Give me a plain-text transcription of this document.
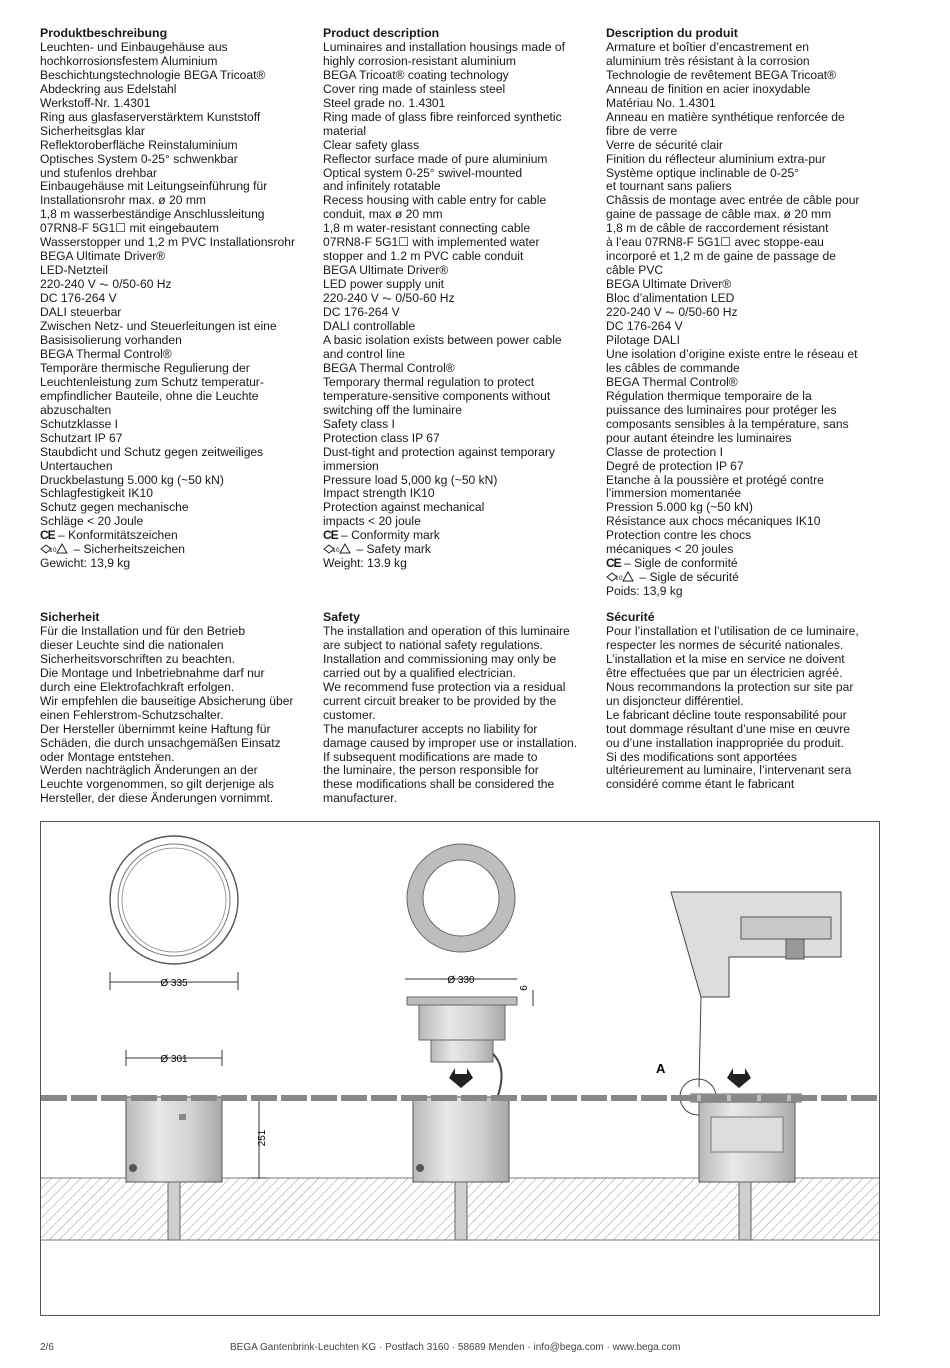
Produktbeschreibung
Leuchten- und Einbaugehäuse aus
hochkorrosionsfestem Aluminium
Beschichtungstechnologie BEGA Tricoat®
Abdeckring aus Edelstahl
Werkstoff-Nr. 1.4301
Ring aus glasfaserverstärktem Kunststoff
Sicherheitsglas klar
Reflektoroberfläche Reinstaluminium
Optisches System 0-25° schwenkbar
und stufenlos drehbar
Einbaugehäuse mit Leitungseinführung für
Installationsrohr max. ø 20 mm
1,8 m wasserbeständige Anschlussleitung
07RN8-F 5G1☐ mit eingebautem
Wasserstopper und 1,2 m PVC Installationsrohr
BEGA Ultimate Driver®
LED-Netzteil
220-240 V ⏦ 0/50-60 Hz
DC 176-264 V
DALI steuerbar
Zwischen Netz- und Steuerleitungen ist eine
Basisisolierung vorhanden
BEGA Thermal Control®
Temporäre thermische Regulierung der
Leuchtenleistung zum Schutz temperatur-
empfindlicher Bauteile, ohne die Leuchte
abzuschalten
Schutzklasse I
Schutzart IP 67
Staubdicht und Schutz gegen zeitweiliges
Untertauchen
Druckbelastung 5.000 kg (~50 kN)
Schlagfestigkeit IK10
Schutz gegen mechanische
Schläge < 20 Joule
CE – Konformitätszeichen
10 – Sicherheitszeichen
Gewicht: 13,9 kg
Product description
Luminaires and installation housings made of
highly corrosion-resistant aluminium
BEGA Tricoat® coating technology
Cover ring made of stainless steel
Steel grade no. 1.4301
Ring made of glass fibre reinforced synthetic
material
Clear safety glass
Reflector surface made of pure aluminium
Optical system 0-25° swivel-mounted
and infinitely rotatable
Recess housing with cable entry for cable
conduit, max ø 20 mm
1,8 m water-resistant connecting cable
07RN8-F 5G1☐ with implemented water
stopper and 1.2 m PVC cable conduit
BEGA Ultimate Driver®
LED power supply unit
220-240 V ⏦ 0/50-60 Hz
DC 176-264 V
DALI controllable
A basic isolation exists between power cable
and control line
BEGA Thermal Control®
Temporary thermal regulation to protect
temperature-sensitive components without
switching off the luminaire
Safety class I
Protection class IP 67
Dust-tight and protection against temporary
immersion
Pressure load 5,000 kg (~50 kN)
Impact strength IK10
Protection against mechanical
impacts < 20 joule
CE – Conformity mark
10 – Safety mark
Weight: 13.9 kg
Description du produit
Armature et boîtier d’encastrement en
aluminium très résistant à la corrosion
Technologie de revêtement BEGA Tricoat®
Anneau de finition en acier inoxydable
Matériau No. 1.4301
Anneau en matière synthétique renforcée de
fibre de verre
Verre de sécurité clair
Finition du réflecteur aluminium extra-pur
Système optique inclinable de 0-25°
et tournant sans paliers
Châssis de montage avec entrée de câble pour
gaine de passage de câble max. ø 20 mm
1,8 m de câble de raccordement résistant
à l’eau 07RN8-F 5G1☐ avec stoppe-eau
incorporé et 1,2 m de gaine de passage de
câble PVC
BEGA Ultimate Driver®
Bloc d’alimentation LED
220-240 V ⏦ 0/50-60 Hz
DC 176-264 V
Pilotage DALI
Une isolation d’origine existe entre le réseau et
les câbles de commande
BEGA Thermal Control®
Régulation thermique temporaire de la
puissance des luminaires pour protéger les
composants sensibles à la température, sans
pour autant éteindre les luminaires
Classe de protection I
Degré de protection IP 67
Etanche à la poussière et protégé contre
l’immersion momentanée
Pression 5.000 kg (~50 kN)
Résistance aux chocs mécaniques IK10
Protection contre les chocs
mécaniques < 20 joules
CE – Sigle de conformité
10 – Sigle de sécurité
Poids: 13,9 kg
Sicherheit
Für die Installation und für den Betrieb
dieser Leuchte sind die nationalen
Sicherheitsvorschriften zu beachten.
Die Montage und Inbetriebnahme darf nur
durch eine Elektrofachkraft erfolgen.
Wir empfehlen die bauseitige Absicherung über
einen Fehlerstrom-Schutzschalter.
Der Hersteller übernimmt keine Haftung für
Schäden, die durch unsachgemäßen Einsatz
oder Montage entstehen.
Werden nachträglich Änderungen an der
Leuchte vorgenommen, so gilt derjenige als
Hersteller, der diese Änderungen vornimmt.
Safety
The installation and operation of this luminaire
are subject to national safety regulations.
Installation and commissioning may only be
carried out by a qualified electrician.
We recommend fuse protection via a residual
current circuit breaker to be provided by the
customer.
The manufacturer accepts no liability for
damage caused by improper use or installation.
If subsequent modifications are made to
the luminaire, the person responsible for
these modifications shall be considered the
manufacturer.
Sécurité
Pour l’installation et l’utilisation de ce luminaire,
respecter les normes de sécurité nationales.
L’installation et la mise en service ne doivent
être effectuées que par un électricien agréé.
Nous recommandons la protection sur site par
un disjoncteur différentiel.
Le fabricant décline toute responsabilité pour
tout dommage résultant d’une mise en œuvre
ou d’une installation inappropriée du produit.
Si des modifications sont apportées
ultérieurement au luminaire, l’intervenant sera
considéré comme étant le fabricant
Ø 335
Ø 301
251
Ø 330
6
A
2/6	BEGA Gantenbrink-Leuchten KG · Postfach 3160 · 58689 Menden · info@bega.com · www.bega.com
